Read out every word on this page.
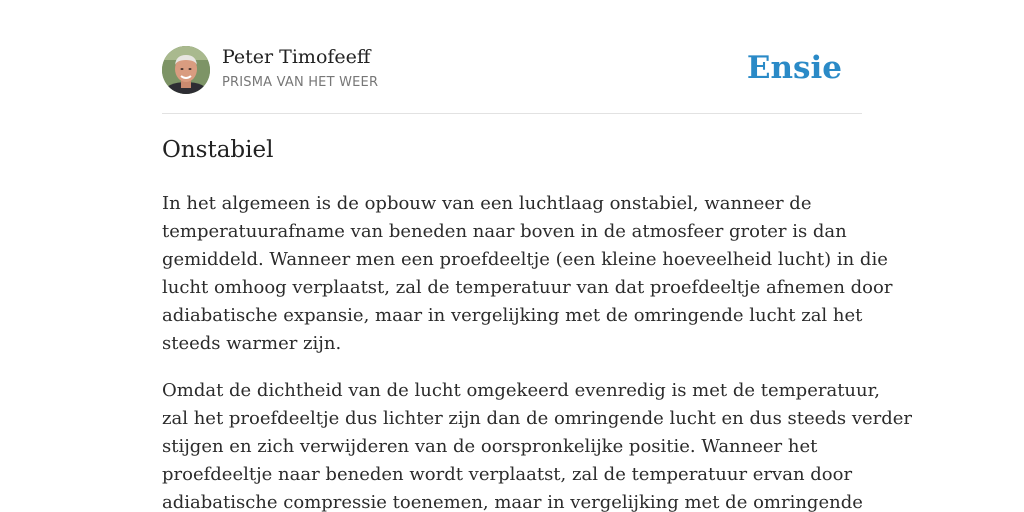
Peter Timofeeff
PRISMA VAN HET WEER	Ensie
Onstabiel

In het algemeen is de opbouw van een luchtlaag onstabiel, wanneer de
temperatuurafname van beneden naar boven in de atmosfeer groter is dan
gemiddeld. Wanneer men een proefdeeltje (een kleine hoeveelheid lucht) in die
lucht omhoog verplaatst, zal de temperatuur van dat proefdeeltje afnemen door
adiabatische expansie, maar in vergelijking met de omringende lucht zal het
steeds warmer zijn.

Omdat de dichtheid van de lucht omgekeerd evenredig is met de temperatuur,
zal het proefdeeltje dus lichter zijn dan de omringende lucht en dus steeds verder
stijgen en zich verwijderen van de oorspronkelijke positie. Wanneer het
proefdeeltje naar beneden wordt verplaatst, zal de temperatuur ervan door
adiabatische compressie toenemen, maar in vergelijking met de omringende
